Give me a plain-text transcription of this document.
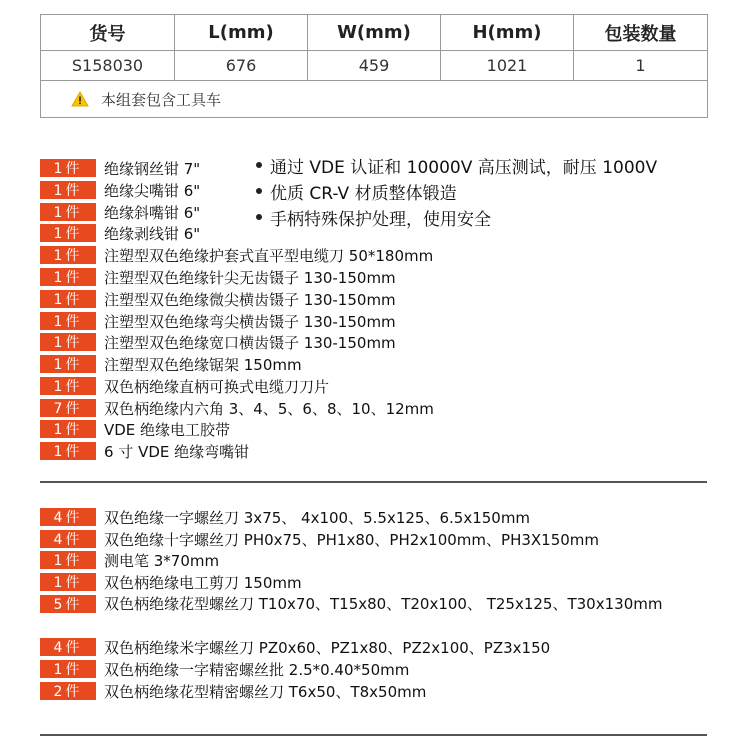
货号	L(mm)	W(mm)	H(mm)	包装数量
S158030	676	459	1021	1
本组套包含工具车				
1件	绝缘钢丝钳 7"
1件	绝缘尖嘴钳 6"
1件	绝缘斜嘴钳 6"
1件	绝缘剥线钳 6"
1件	注塑型双色绝缘护套式直平型电缆刀 50*180mm
1件	注塑型双色绝缘针尖无齿镊子 130-150mm
1件	注塑型双色绝缘微尖横齿镊子 130-150mm
1件	注塑型双色绝缘弯尖横齿镊子 130-150mm
1件	注塑型双色绝缘宽口横齿镊子 130-150mm
1件	注塑型双色绝缘锯架 150mm
1件	双色柄绝缘直柄可换式电缆刀刀片
7件	双色柄绝缘内六角 3、4、5、6、8、10、12mm
1件	VDE 绝缘电工胶带
1件	6 寸 VDE 绝缘弯嘴钳
通过 VDE 认证和 10000V 高压测试，耐压 1000V
优质 CR-V 材质整体锻造
手柄特殊保护处理，使用安全
4件	双色绝缘一字螺丝刀 3x75、 4x100、5.5x125、6.5x150mm
4件	双色绝缘十字螺丝刀 PH0x75、PH1x80、PH2x100mm、PH3X150mm
1件	测电笔 3*70mm
1件	双色柄绝缘电工剪刀 150mm
5件	双色柄绝缘花型螺丝刀 T10x70、T15x80、T20x100、 T25x125、T30x130mm
4件	双色柄绝缘米字螺丝刀 PZ0x60、PZ1x80、PZ2x100、PZ3x150
1件	双色柄绝缘一字精密螺丝批 2.5*0.40*50mm
2件	双色柄绝缘花型精密螺丝刀 T6x50、T8x50mm
